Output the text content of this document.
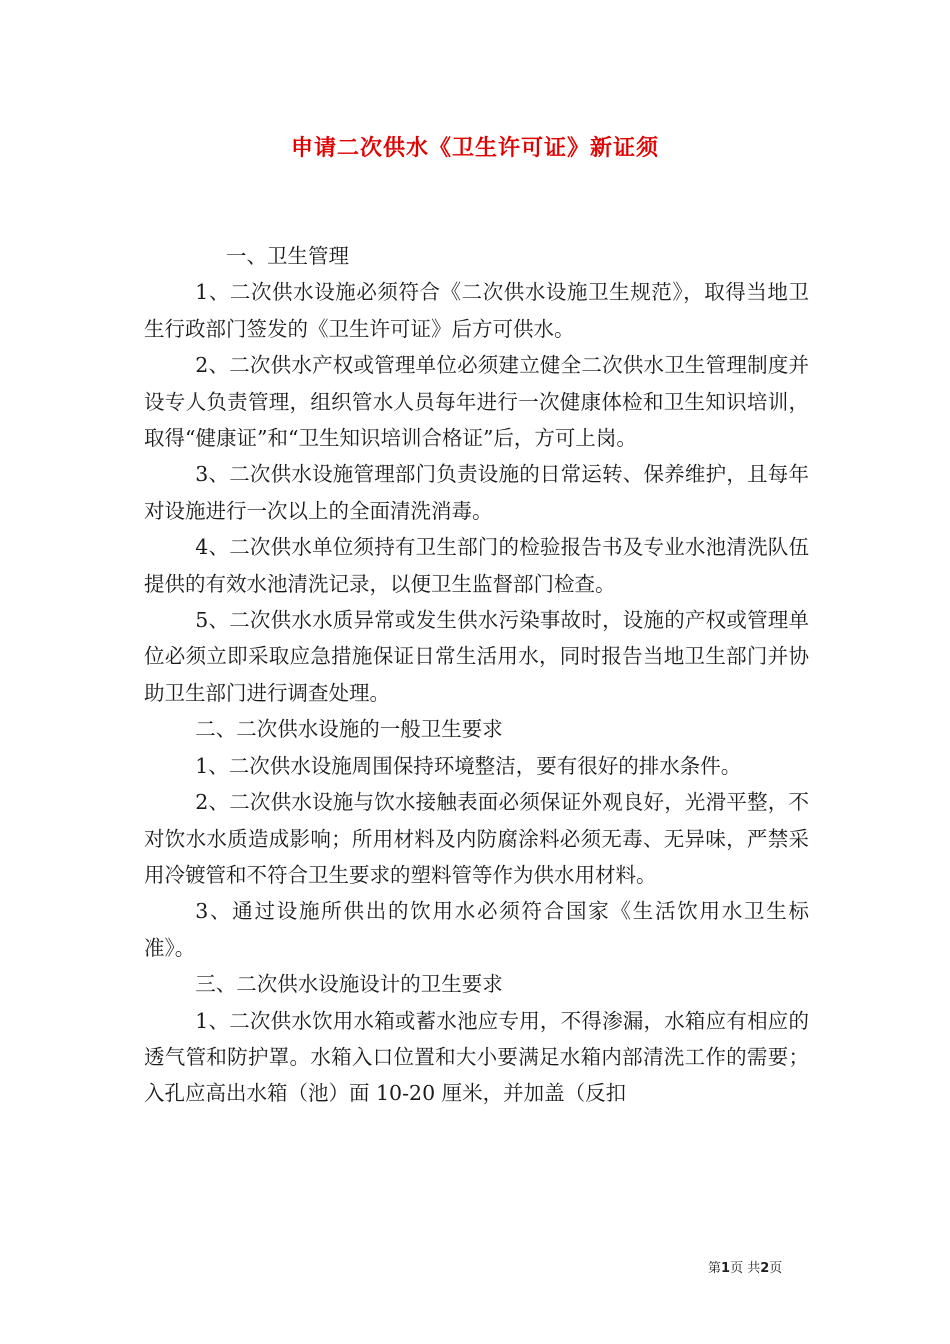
申请二次供水《卫生许可证》新证须

一、卫生管理

1、二次供水设施必须符合《二次供水设施卫生规范》，取得当地卫生行政部门签发的《卫生许可证》后方可供水。

2、二次供水产权或管理单位必须建立健全二次供水卫生管理制度并设专人负责管理，组织管水人员每年进行一次健康体检和卫生知识培训，取得“健康证”和“卫生知识培训合格证”后，方可上岗。

3、二次供水设施管理部门负责设施的日常运转、保养维护，且每年对设施进行一次以上的全面清洗消毒。

4、二次供水单位须持有卫生部门的检验报告书及专业水池清洗队伍提供的有效水池清洗记录，以便卫生监督部门检查。

5、二次供水水质异常或发生供水污染事故时，设施的产权或管理单位必须立即采取应急措施保证日常生活用水，同时报告当地卫生部门并协助卫生部门进行调查处理。

二、二次供水设施的一般卫生要求

1、二次供水设施周围保持环境整洁，要有很好的排水条件。

2、二次供水设施与饮水接触表面必须保证外观良好，光滑平整，不对饮水水质造成影响；所用材料及内防腐涂料必须无毒、无异味，严禁采用冷镀管和不符合卫生要求的塑料管等作为供水用材料。

3、通过设施所供出的饮用水必须符合国家《生活饮用水卫生标准》。

三、二次供水设施设计的卫生要求

1、二次供水饮用水箱或蓄水池应专用，不得渗漏，水箱应有相应的透气管和防护罩。水箱入口位置和大小要满足水箱内部清洗工作的需要；入孔应高出水箱（池）面 10-20 厘米，并加盖（反扣

第1页 共2页
